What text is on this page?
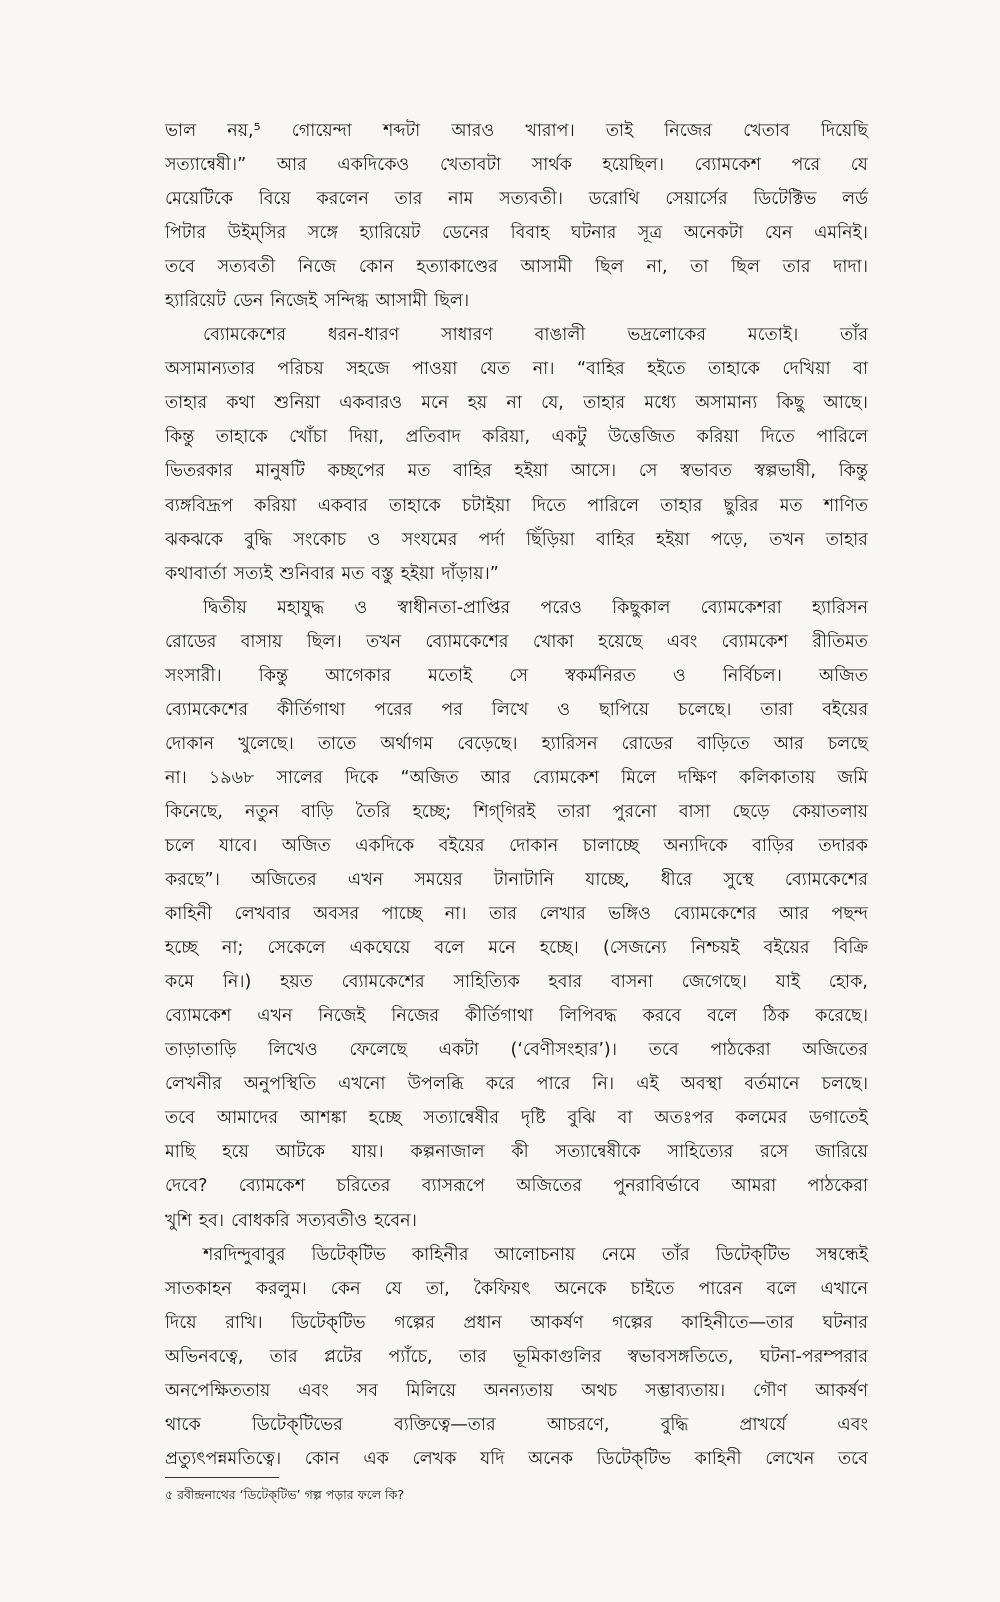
ভাল নয়,⁵ গোয়েন্দা শব্দটা আরও খারাপ। তাই নিজের খেতাব দিয়েছি
সত্যান্বেষী।” আর একদিকেও খেতাবটা সার্থক হয়েছিল। ব্যোমকেশ পরে যে
মেয়েটিকে বিয়ে করলেন তার নাম সত্যবতী। ডরোথি সেয়ার্সের ডিটেক্টিভ লর্ড
পিটার উইম্‌সির সঙ্গে হ্যারিয়েট ডেনের বিবাহ ঘটনার সূত্র অনেকটা যেন এমনিই।
তবে সত্যবতী নিজে কোন হত্যাকাণ্ডের আসামী ছিল না, তা ছিল তার দাদা।
হ্যারিয়েট ডেন নিজেই সন্দিগ্ধ আসামী ছিল।
ব্যোমকেশের ধরন-ধারণ সাধারণ বাঙালী ভদ্রলোকের মতোই। তাঁর
অসামান্যতার পরিচয় সহজে পাওয়া যেত না। “বাহির হইতে তাহাকে দেখিয়া বা
তাহার কথা শুনিয়া একবারও মনে হয় না যে, তাহার মধ্যে অসামান্য কিছু আছে।
কিন্তু তাহাকে খোঁচা দিয়া, প্রতিবাদ করিয়া, একটু উত্তেজিত করিয়া দিতে পারিলে
ভিতরকার মানুষটি কচ্ছপের মত বাহির হইয়া আসে। সে স্বভাবত স্বল্পভাষী, কিন্তু
ব্যঙ্গবিদ্রূপ করিয়া একবার তাহাকে চটাইয়া দিতে পারিলে তাহার ছুরির মত শাণিত
ঝকঝকে বুদ্ধি সংকোচ ও সংযমের পর্দা ছিঁড়িয়া বাহির হইয়া পড়ে, তখন তাহার
কথাবার্তা সত্যই শুনিবার মত বস্তু হইয়া দাঁড়ায়।”
দ্বিতীয় মহাযুদ্ধ ও স্বাধীনতা-প্রাপ্তির পরেও কিছুকাল ব্যোমকেশরা হ্যারিসন
রোডের বাসায় ছিল। তখন ব্যোমকেশের খোকা হয়েছে এবং ব্যোমকেশ রীতিমত
সংসারী। কিন্তু আগেকার মতোই সে স্বকর্মনিরত ও নির্বিচল। অজিত
ব্যোমকেশের কীর্তিগাথা পরের পর লিখে ও ছাপিয়ে চলেছে। তারা বইয়ের
দোকান খুলেছে। তাতে অর্থাগম বেড়েছে। হ্যারিসন রোডের বাড়িতে আর চলছে
না। ১৯৬৮ সালের দিকে “অজিত আর ব্যোমকেশ মিলে দক্ষিণ কলিকাতায় জমি
কিনেছে, নতুন বাড়ি তৈরি হচ্ছে; শিগ্‌গিরই তারা পুরনো বাসা ছেড়ে কেয়াতলায়
চলে যাবে। অজিত একদিকে বইয়ের দোকান চালাচ্ছে অন্যদিকে বাড়ির তদারক
করছে”। অজিতের এখন সময়ের টানাটানি যাচ্ছে, ধীরে সুস্থে ব্যোমকেশের
কাহিনী লেখবার অবসর পাচ্ছে না। তার লেখার ভঙ্গিও ব্যোমকেশের আর পছন্দ
হচ্ছে না; সেকেলে একঘেয়ে বলে মনে হচ্ছে। (সেজন্যে নিশ্চয়ই বইয়ের বিক্রি
কমে নি।) হয়ত ব্যোমকেশের সাহিত্যিক হবার বাসনা জেগেছে। যাই হোক,
ব্যোমকেশ এখন নিজেই নিজের কীর্তিগাথা লিপিবদ্ধ করবে বলে ঠিক করেছে।
তাড়াতাড়ি লিখেও ফেলেছে একটা (‘বেণীসংহার’)। তবে পাঠকেরা অজিতের
লেখনীর অনুপস্থিতি এখনো উপলব্ধি করে পারে নি। এই অবস্থা বর্তমানে চলছে।
তবে আমাদের আশঙ্কা হচ্ছে সত্যান্বেষীর দৃষ্টি বুঝি বা অতঃপর কলমের ডগাতেই
মাছি হয়ে আটকে যায়। কল্পনাজাল কী সত্যান্বেষীকে সাহিত্যের রসে জারিয়ে
দেবে? ব্যোমকেশ চরিতের ব্যাসরূপে অজিতের পুনরাবির্ভাবে আমরা পাঠকেরা
খুশি হব। বোধকরি সত্যবতীও হবেন।
শরদিন্দুবাবুর ডিটেক্‌টিভ কাহিনীর আলোচনায় নেমে তাঁর ডিটেক্‌টিভ সম্বন্ধেই
সাতকাহন করলুম। কেন যে তা, কৈফিয়ৎ অনেকে চাইতে পারেন বলে এখানে
দিয়ে রাখি। ডিটেক্‌টিভ গল্পের প্রধান আকর্ষণ গল্পের কাহিনীতে—তার ঘটনার
অভিনবত্বে, তার প্লটের প্যাঁচে, তার ভূমিকাগুলির স্বভাবসঙ্গতিতে, ঘটনা-পরম্পরার
অনপেক্ষিততায় এবং সব মিলিয়ে অনন্যতায় অথচ সম্ভাব্যতায়। গৌণ আকর্ষণ
থাকে	ডিটেক্‌টিভের	ব্যক্তিত্বে—তার	আচরণে,	বুদ্ধি	প্রাখর্যে	এবং
প্রত্যুৎপন্নমতিত্বে। কোন এক লেখক যদি অনেক ডিটেক্‌টিভ কাহিনী লেখেন তবে
৫ রবীন্দ্রনাথের ‘ডিটেক্‌টিভ’ গল্প পড়ার ফলে কি?
